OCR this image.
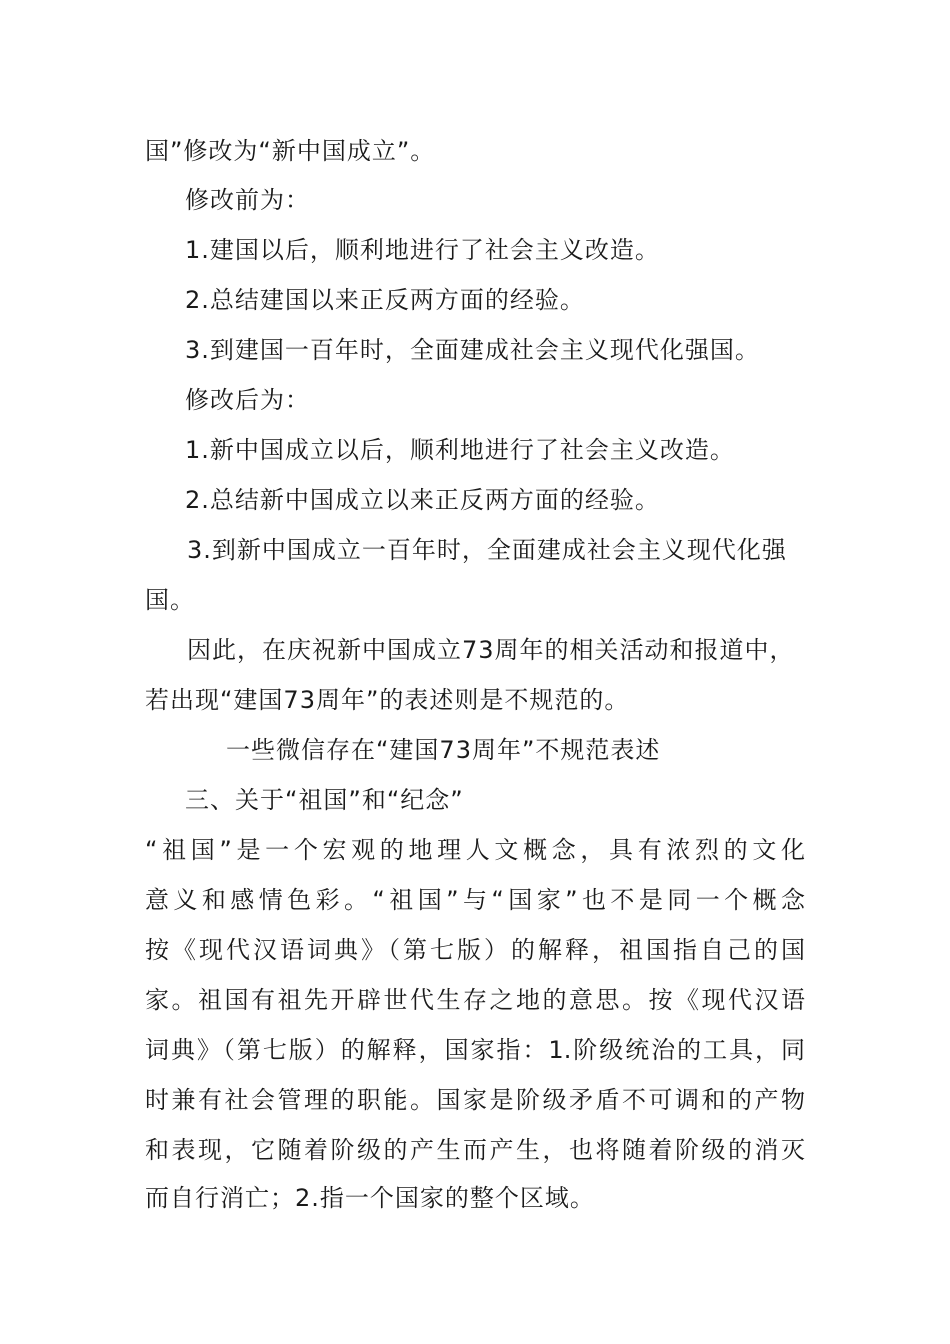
国”修改为“新中国成立”。
修改前为：
1.建国以后，顺利地进行了社会主义改造。
2.总结建国以来正反两方面的经验。
3.到建国一百年时，全面建成社会主义现代化强国。
修改后为：
1.新中国成立以后，顺利地进行了社会主义改造。
2.总结新中国成立以来正反两方面的经验。
3.到新中国成立一百年时，全面建成社会主义现代化强
国。
因此，在庆祝新中国成立73周年的相关活动和报道中，
若出现“建国73周年”的表述则是不规范的。
一些微信存在“建国73周年”不规范表述
三、关于“祖国”和“纪念”
“祖国”是一个宏观的地理人文概念，具有浓烈的文化
意义和感情色彩。“祖国”与“国家”也不是同一个概念
按《现代汉语词典》（第七版）的解释，祖国指自己的国
家。祖国有祖先开辟世代生存之地的意思。按《现代汉语
词典》（第七版）的解释，国家指：1.阶级统治的工具，同
时兼有社会管理的职能。国家是阶级矛盾不可调和的产物
和表现，它随着阶级的产生而产生，也将随着阶级的消灭
而自行消亡；2.指一个国家的整个区域。
